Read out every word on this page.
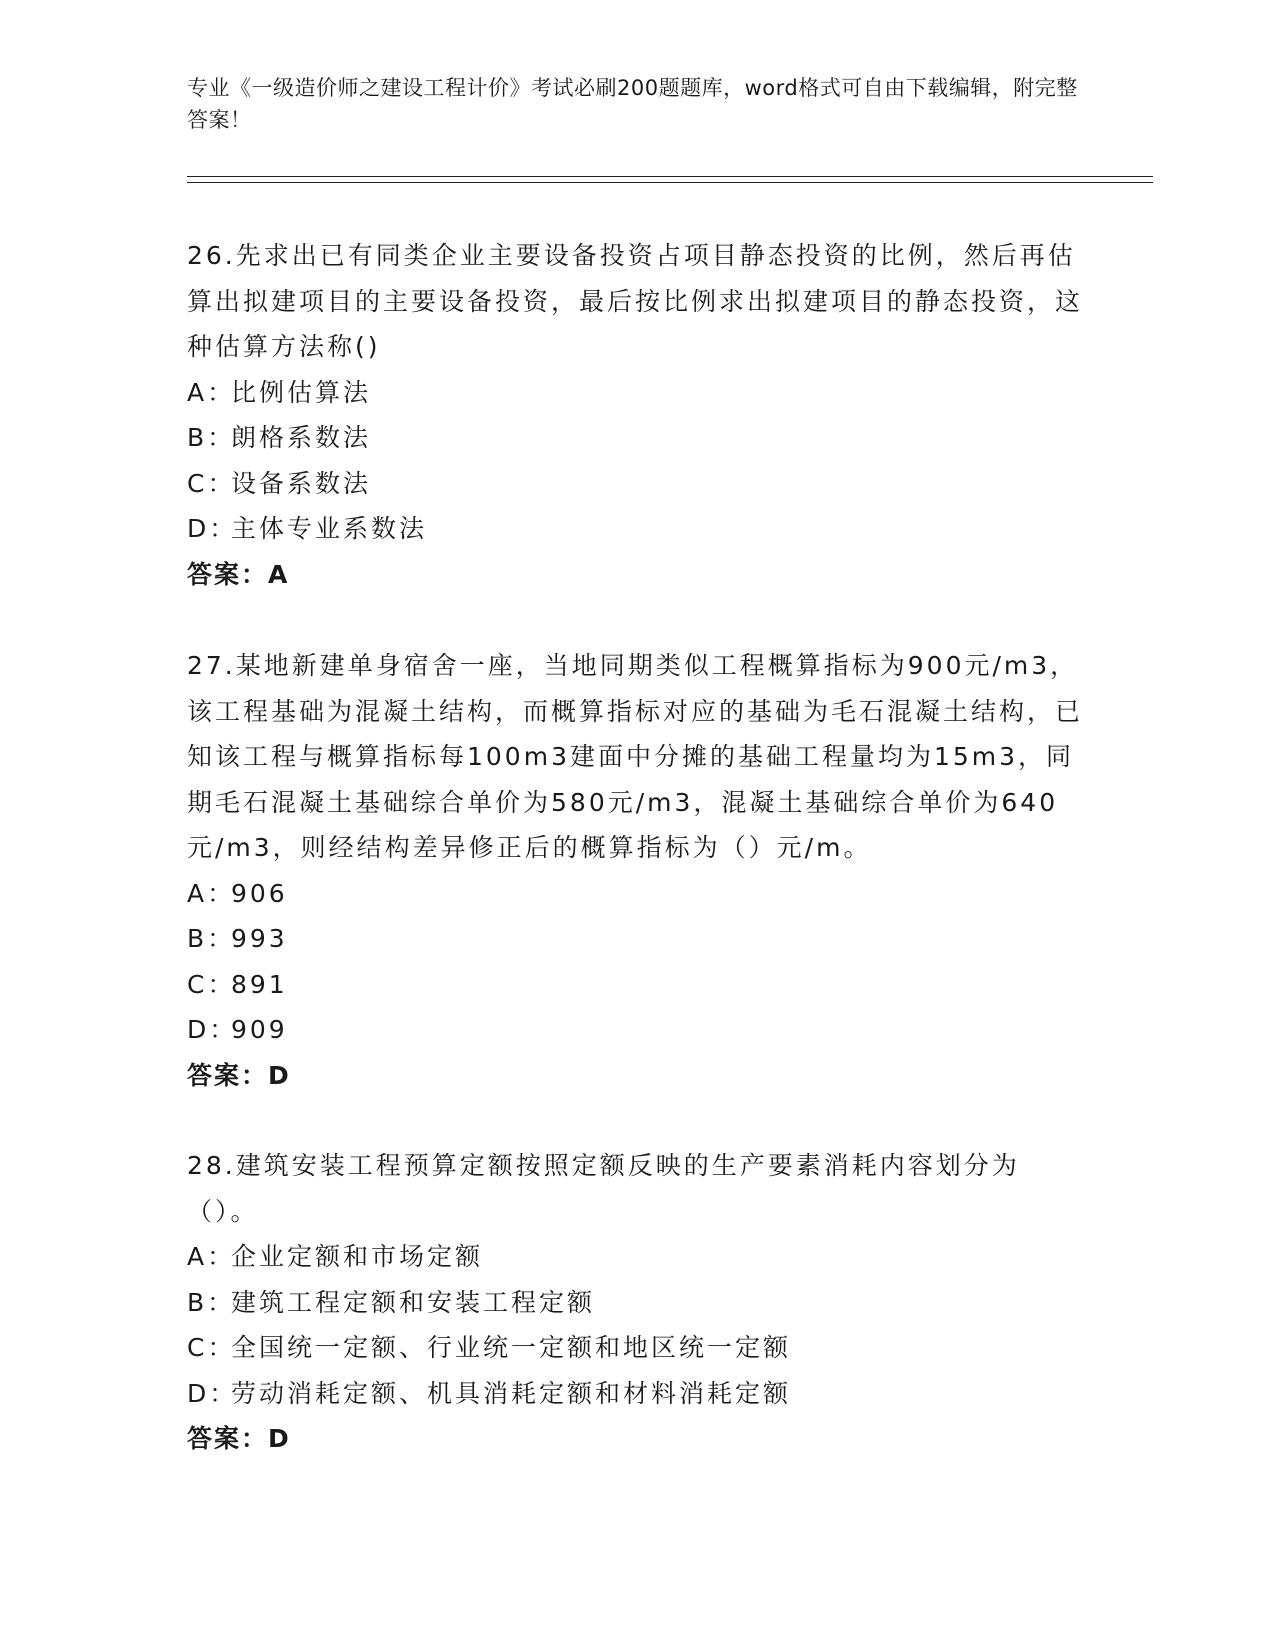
专业《一级造价师之建设工程计价》考试必刷200题题库，word格式可自由下载编辑，附完整答案！

26.先求出已有同类企业主要设备投资占项目静态投资的比例，然后再估算出拟建项目的主要设备投资，最后按比例求出拟建项目的静态投资，这种估算方法称()

A：比例估算法

B：朗格系数法

C：设备系数法

D：主体专业系数法

答案：A

27.某地新建单身宿舍一座，当地同期类似工程概算指标为900元/m3，该工程基础为混凝土结构，而概算指标对应的基础为毛石混凝土结构，已知该工程与概算指标每100m3建面中分摊的基础工程量均为15m3，同期毛石混凝土基础综合单价为580元/m3，混凝土基础综合单价为640元/m3，则经结构差异修正后的概算指标为（）元/m。

A：906

B：993

C：891

D：909

答案：D

28.建筑安装工程预算定额按照定额反映的生产要素消耗内容划分为（）。

A：企业定额和市场定额

B：建筑工程定额和安装工程定额

C：全国统一定额、行业统一定额和地区统一定额

D：劳动消耗定额、机具消耗定额和材料消耗定额

答案：D
